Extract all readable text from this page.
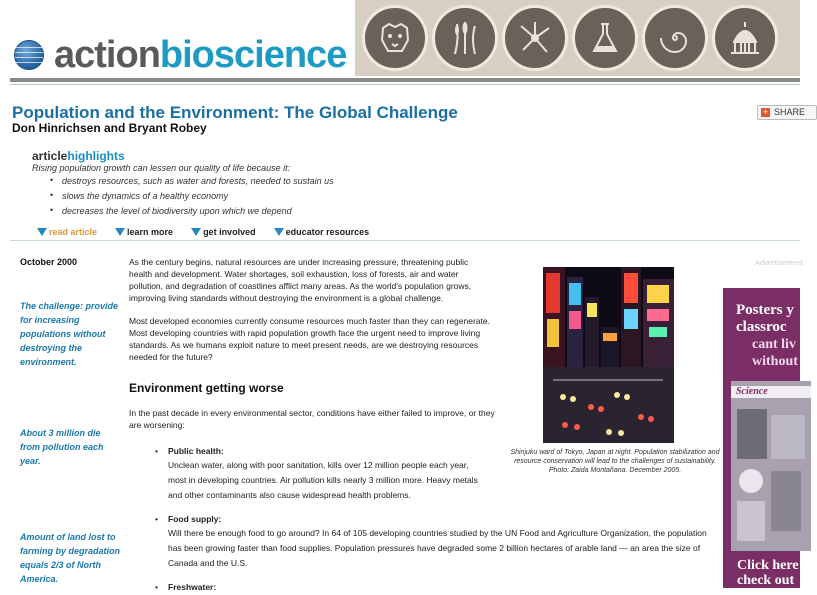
actionbioscience
Population and the Environment: The Global Challenge
Don Hinrichsen and Bryant Robey
+ SHARE
articlehighlights
Rising population growth can lessen our quality of life because it:
• destroys resources, such as water and forests, needed to sustain us
• slows the dynamics of a healthy economy
• decreases the level of biodiversity upon which we depend
read article	learn more	get involved	educator resources
October 2000
The challenge: provide for increasing populations without destroying the environment.
About 3 million die from pollution each year.
Amount of land lost to farming by degradation equals 2/3 of North America.

As the century begins, natural resources are under increasing pressure, threatening public health and development. Water shortages, soil exhaustion, loss of forests, air and water pollution, and degradation of coastlines afflict many areas. As the world's population grows, improving living standards without destroying the environment is a global challenge.

Most developed economies currently consume resources much faster than they can regenerate. Most developing countries with rapid population growth face the urgent need to improve living standards. As we humans exploit nature to meet present needs, are we destroying resources needed for the future?

Environment getting worse
In the past decade in every environmental sector, conditions have either failed to improve, or they are worsening:
• Public health:
Unclean water, along with poor sanitation, kills over 12 million people each year, most in developing countries. Air pollution kills nearly 3 million more. Heavy metals and other contaminants also cause widespread health problems.
• Food supply:
Will there be enough food to go around? In 64 of 105 developing countries studied by the UN Food and Agriculture Organization, the population has been growing faster than food supplies. Population pressures have degraded some 2 billion hectares of arable land — an area the size of Canada and the U.S.
• Freshwater:
Shinjuku ward of Tokyo, Japan at night. Population stabilization and resource conservation will lead to the challenges of sustainability. Photo: Zaida Montañana. December 2005.
Advertisement
Posters y
classroc
cant liv
without
Science
Click here
check out
